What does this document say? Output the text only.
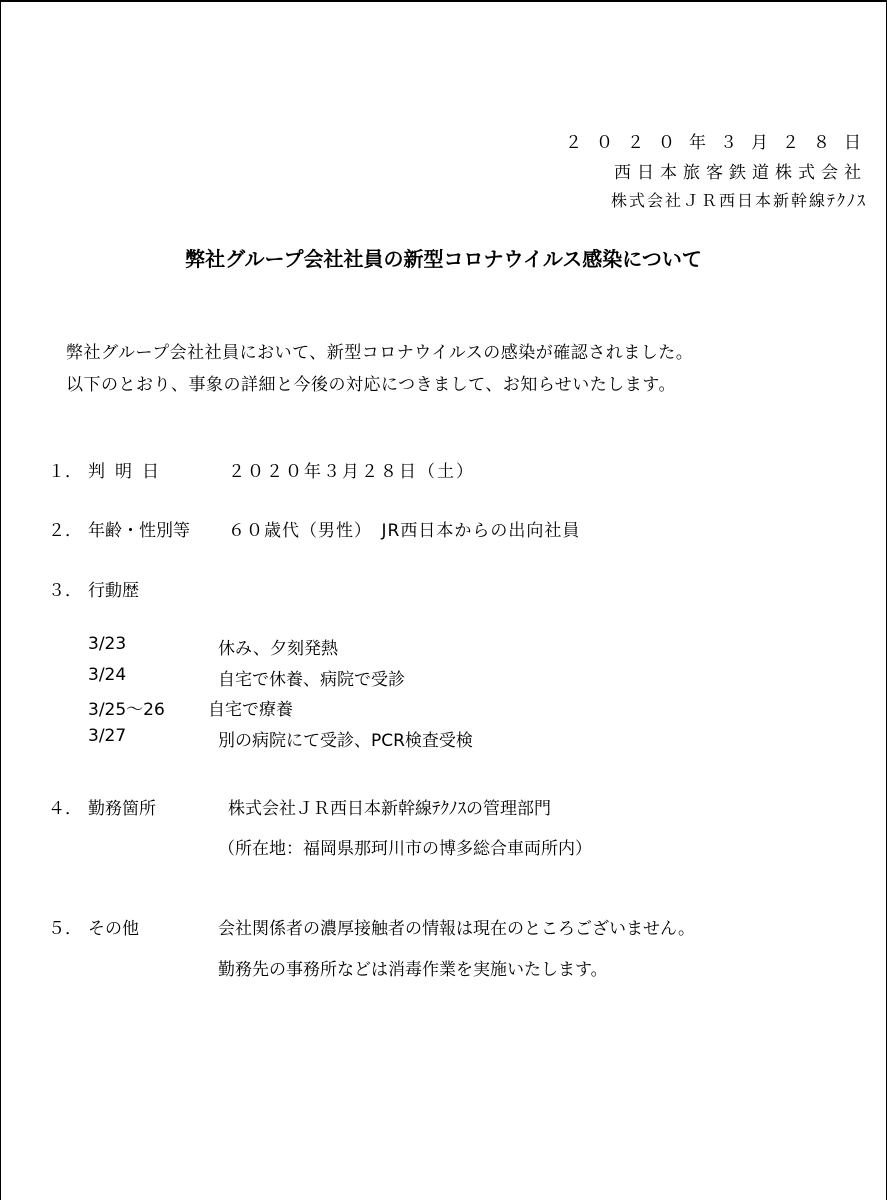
２０２０年３月２８日
西日本旅客鉄道株式会社
株式会社ＪＲ西日本新幹線ﾃｸﾉｽ
弊社グループ会社社員の新型コロナウイルス感染について
弊社グループ会社社員において、新型コロナウイルスの感染が確認されました。
以下のとおり、事象の詳細と今後の対応につきまして、お知らせいたします。
１． 判明日	２０２０年３月２８日（土）
２． 年齢・性別等 ６０歳代（男性）　JR西日本からの出向社員
３． 行動歴
3/23	休み、夕刻発熱
3/24	自宅で休養、病院で受診
3/25～26	自宅で療養
3/27	別の病院にて受診、PCR検査受検
４． 勤務箇所	株式会社ＪＲ西日本新幹線ﾃｸﾉｽの管理部門
（所在地：福岡県那珂川市の博多総合車両所内）
５． その他	会社関係者の濃厚接触者の情報は現在のところございません。
勤務先の事務所などは消毒作業を実施いたします。
